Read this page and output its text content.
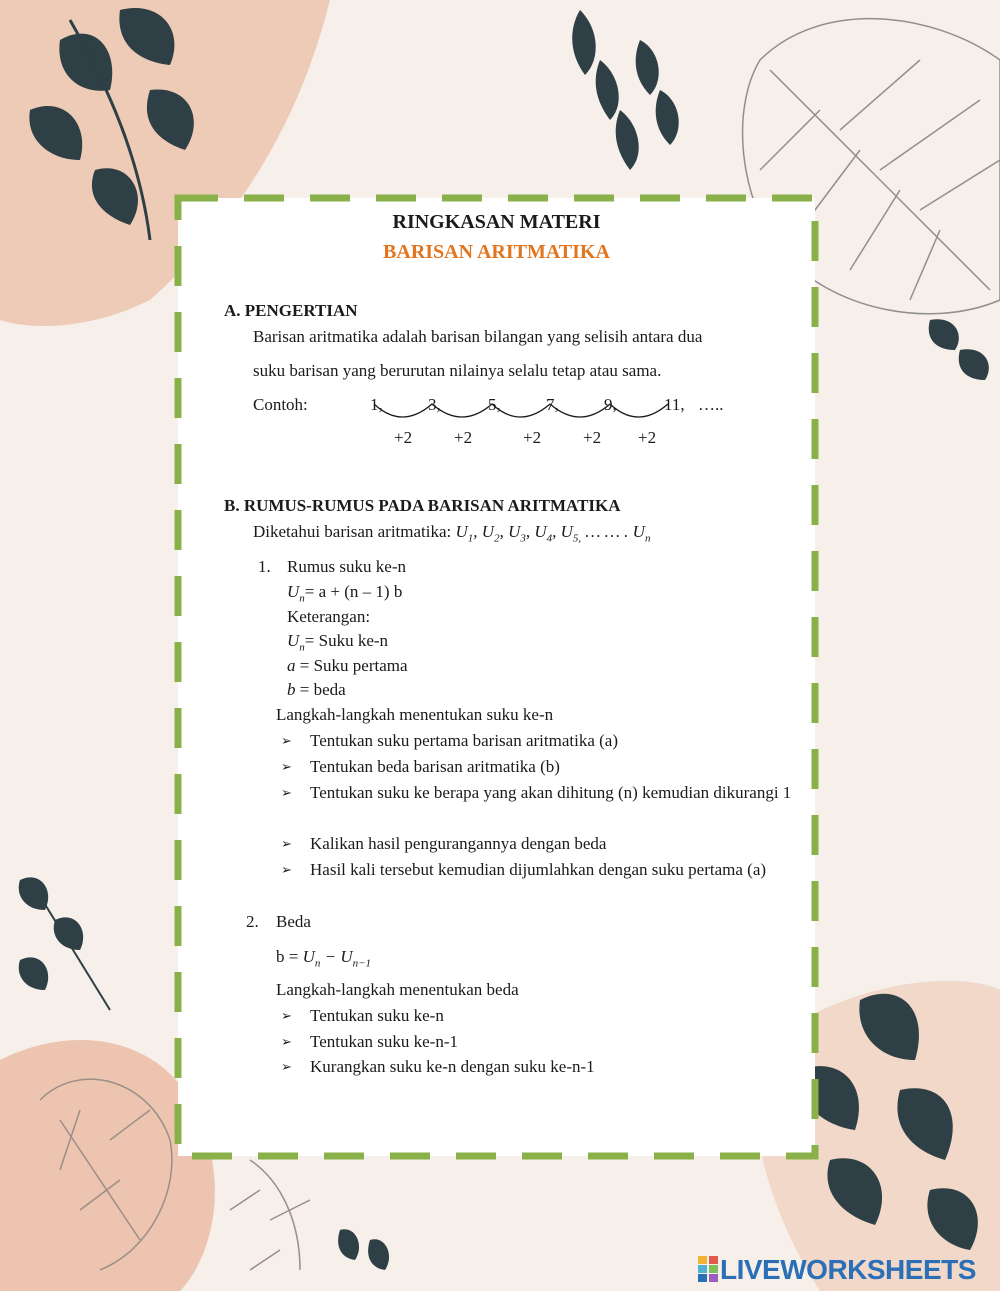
RINGKASAN MATERI
BARISAN ARITMATIKA
A. PENGERTIAN
Barisan aritmatika adalah barisan bilangan yang selisih antara dua
suku barisan yang berurutan nilainya selalu tetap atau sama.
Contoh:	1,	3,	5,	7,	9,	11, …..
+2 +2	+2 +2 +2
B. RUMUS-RUMUS PADA BARISAN ARITMATIKA
Diketahui barisan aritmatika: $U_1$, $U_2$, $U_3$, $U_4$, $U_{5,}$ … … . $U_n$
1. Rumus suku ke-n
$U_n= a + (n - 1)$ b
Keterangan:
$U_n=$ Suku ke-n
a = Suku pertama
b = beda
Langkah-langkah menentukan suku ke-n
➢ Tentukan suku pertama barisan aritmatika (a)
➢ Tentukan beda barisan aritmatika (b)
➢ Tentukan suku ke berapa yang akan dihitung (n) kemudian dikurangi 1
➢ Kalikan hasil pengurangannya dengan beda
➢ Hasil kali tersebut kemudian dijumlahkan dengan suku pertama (a)
2. Beda
$b = U_n - U_{n-1}$
Langkah-langkah menentukan beda
➢ Tentukan suku ke-n
➢ Tentukan suku ke-n-1
➢ Kurangkan suku ke-n dengan suku ke-n-1
LIVEWORKSHEETS
